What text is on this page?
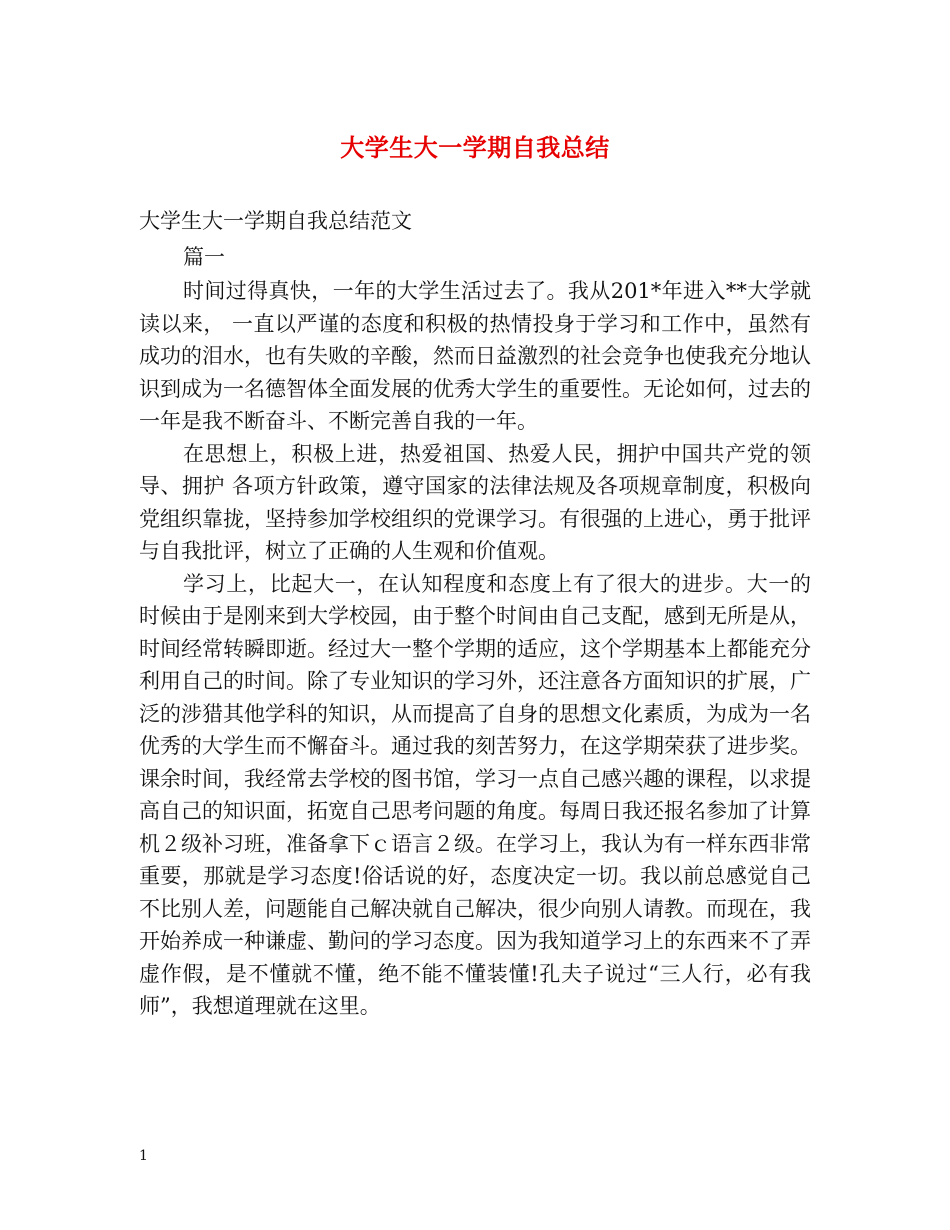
大学生大一学期自我总结
大学生大一学期自我总结范文
篇一

时间过得真快，一年的大学生活过去了。我从201*年进入**大学就读以来， 一直以严谨的态度和积极的热情投身于学习和工作中，虽然有成功的泪水，也有失败的辛酸，然而日益激烈的社会竞争也使我充分地认识到成为一名德智体全面发展的优秀大学生的重要性。无论如何，过去的一年是我不断奋斗、不断完善自我的一年。

在思想上，积极上进，热爱祖国、热爱人民，拥护中国共产党的领导、拥护 各项方针政策，遵守国家的法律法规及各项规章制度，积极向党组织靠拢，坚持参加学校组织的党课学习。有很强的上进心，勇于批评与自我批评，树立了正确的人生观和价值观。

学习上，比起大一，在认知程度和态度上有了很大的进步。大一的时候由于是刚来到大学校园，由于整个时间由自己支配，感到无所是从，时间经常转瞬即逝。经过大一整个学期的适应，这个学期基本上都能充分利用自己的时间。除了专业知识的学习外，还注意各方面知识的扩展，广泛的涉猎其他学科的知识，从而提高了自身的思想文化素质，为成为一名优秀的大学生而不懈奋斗。通过我的刻苦努力，在这学期荣获了进步奖。课余时间，我经常去学校的图书馆，学习一点自己感兴趣的课程，以求提高自己的知识面，拓宽自己思考问题的角度。每周日我还报名参加了计算机２级补习班，准备拿下ｃ语言２级。在学习上，我认为有一样东西非常重要，那就是学习态度!俗话说的好，态度决定一切。我以前总感觉自己不比别人差，问题能自己解决就自己解决，很少向别人请教。而现在，我开始养成一种谦虚、勤问的学习态度。因为我知道学习上的东西来不了弄虚作假，是不懂就不懂，绝不能不懂装懂!孔夫子说过“三人行，必有我师”，我想道理就在这里。

1
